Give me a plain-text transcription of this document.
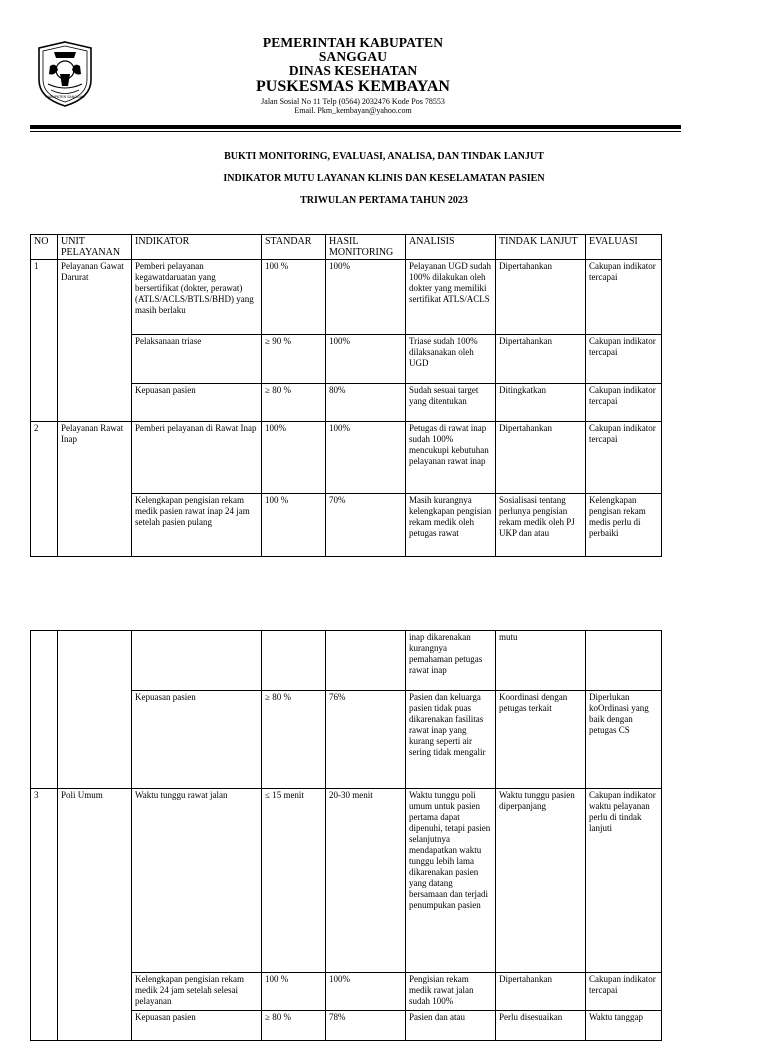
KABUPATEN SANGGAU
PEMERINTAH KABUPATEN SANGGAU
DINAS KESEHATAN
PUSKESMAS KEMBAYAN
Jalan Sosial No 11 Telp (0564) 2032476 Kode Pos 78553
Email. Pkm_kembayan@yahoo.com
BUKTI MONITORING, EVALUASI, ANALISA, DAN TINDAK LANJUT
INDIKATOR MUTU LAYANAN KLINIS DAN KESELAMATAN PASIEN
TRIWULAN PERTAMA TAHUN 2023
NO	UNIT PELAYANAN	INDIKATOR	STANDAR	HASIL MONITORING	ANALISIS	TINDAK LANJUT	EVALUASI
1	Pelayanan Gawat Darurat	Pemberi pelayanan kegawatdaruatan yang bersertifikat (dokter, perawat) (ATLS/ACLS/BTLS/BHD) yang masih berlaku	100 %	100%	Pelayanan UGD sudah 100% dilakukan oleh dokter yang memiliki sertifikat ATLS/ACLS	Dipertahankan	Cakupan indikator tercapai
		Pelaksanaan triase	≥ 90 %	100%	Triase sudah 100% dilaksanakan oleh UGD	Dipertahankan	Cakupan indikator tercapai
		Kepuasan pasien	≥ 80 %	80%	Sudah sesuai target yang ditentukan	Ditingkatkan	Cakupan indikator tercapai
2	Pelayanan Rawat Inap	Pemberi pelayanan di Rawat Inap	100%	100%	Petugas di rawat inap sudah 100% mencukupi kebutuhan pelayanan rawat inap	Dipertahankan	Cakupan indikator tercapai
		Kelengkapan pengisian rekam medik pasien rawat inap 24 jam setelah pasien pulang	100 %	70%	Masih kurangnya kelengkapan pengisian rekam medik oleh petugas rawat	Sosialisasi tentang perlunya pengisian rekam medik oleh PJ UKP dan atau	Kelengkapan pengisan rekam medis perlu di perbaiki
					inap dikarenakan kurangnya pemahaman petugas rawat inap	mutu	
		Kepuasan pasien	≥ 80 %	76%	Pasien dan keluarga pasien tidak puas dikarenakan fasilitas rawat inap yang kurang seperti air sering tidak mengalir	Koordinasi dengan petugas terkait	Diperlukan koOrdinasi yang baik dengan petugas CS
3	Poli Umum	Waktu tunggu rawat jalan	≤ 15 menit	20-30 menit	Waktu tunggu poli umum untuk pasien pertama dapat dipenuhi, tetapi pasien selanjutnya mendapatkan waktu tunggu lebih lama dikarenakan pasien yang datang bersamaan dan terjadi penumpukan pasien	Waktu tunggu pasien diperpanjang	Cakupan indikator waktu pelayanan perlu di tindak lanjuti
		Kelengkapan pengisian rekam medik 24 jam setelah selesai pelayanan	100 %	100%	Pengisian rekam medik rawat jalan sudah 100%	Dipertahankan	Cakupan indikator tercapai
		Kepuasan pasien	≥ 80 %	78%	Pasien dan atau	Perlu disesuaikan	Waktu tanggap
